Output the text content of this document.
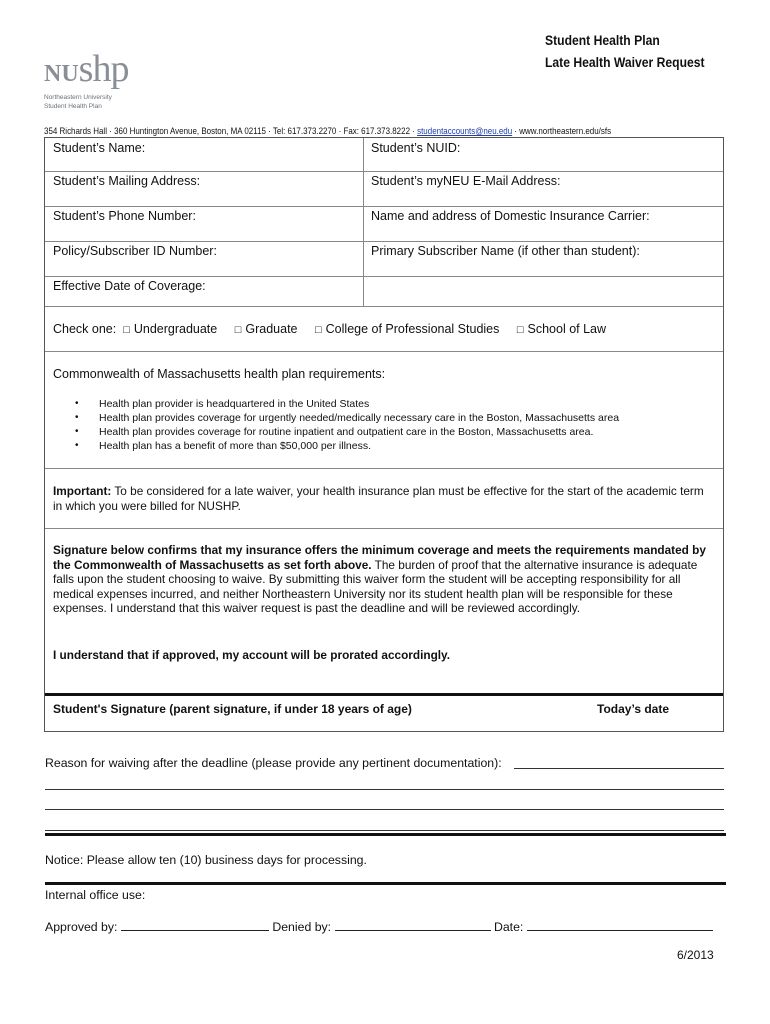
NUshp
Northeastern University
Student Health Plan
Student Health Plan
Late Health Waiver Request
354 Richards Hall · 360 Huntington Avenue, Boston, MA 02115 · Tel: 617.373.2270 · Fax: 617.373.8222 · studentaccounts@neu.edu · www.northeastern.edu/sfs
Student’s Name:	Student’s NUID:
Student’s Mailing Address:	Student’s myNEU E-Mail Address:
Student’s Phone Number:	Name and address of Domestic Insurance Carrier:
Policy/Subscriber ID Number:	Primary Subscriber Name (if other than student):
Effective Date of Coverage:
Check one: □ Undergraduate □ Graduate □ College of Professional Studies □ School of Law
Commonwealth of Massachusetts health plan requirements:
• Health plan provider is headquartered in the United States
• Health plan provides coverage for urgently needed/medically necessary care in the Boston, Massachusetts area
• Health plan provides coverage for routine inpatient and outpatient care in the Boston, Massachusetts area.
• Health plan has a benefit of more than $50,000 per illness.
Important: To be considered for a late waiver, your health insurance plan must be effective for the start of the academic term in which you were billed for NUSHP.
Signature below confirms that my insurance offers the minimum coverage and meets the requirements mandated by the Commonwealth of Massachusetts as set forth above. The burden of proof that the alternative insurance is adequate falls upon the student choosing to waive. By submitting this waiver form the student will be accepting responsibility for all medical expenses incurred, and neither Northeastern University nor its student health plan will be responsible for these expenses. I understand that this waiver request is past the deadline and will be reviewed accordingly.
I understand that if approved, my account will be prorated accordingly.
Student's Signature (parent signature, if under 18 years of age)	Today’s date
Reason for waiving after the deadline (please provide any pertinent documentation):
Notice: Please allow ten (10) business days for processing.
Internal office use:
Approved by:	Denied by:	Date:
6/2013
